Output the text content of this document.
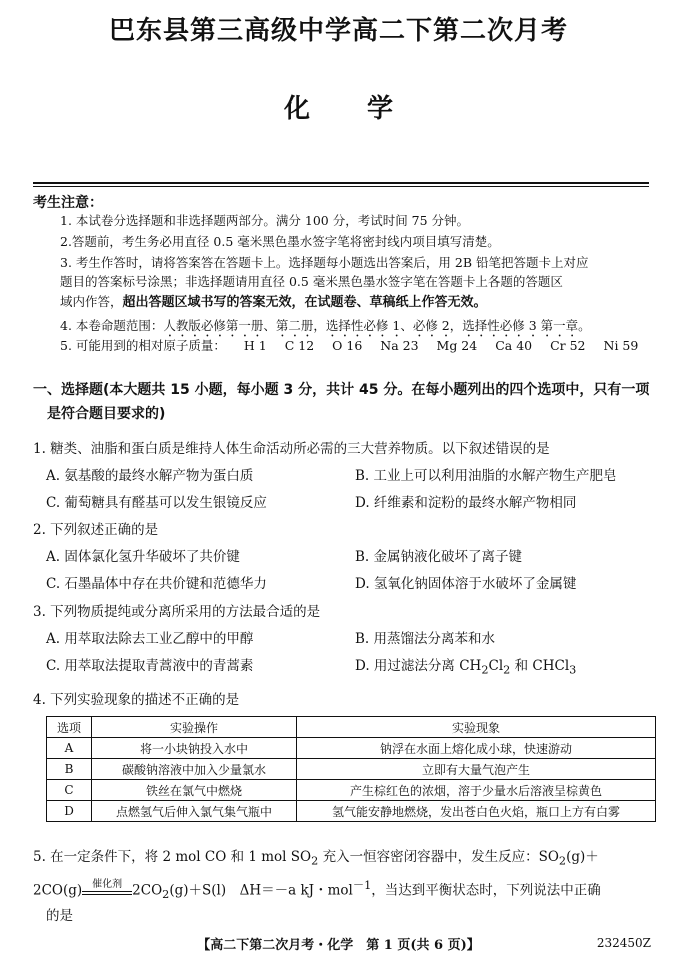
巴东县第三高级中学高二下第二次月考
化 学
考生注意：
1. 本试卷分选择题和非选择题两部分。满分 100 分，考试时间 75 分钟。
2.答题前，考生务必用直径 0.5 毫米黑色墨水签字笔将密封线内项目填写清楚。
3. 考生作答时，请将答案答在答题卡上。选择题每小题选出答案后，用 2B 铅笔把答题卡上对应
题目的答案标号涂黑；非选择题请用直径 0.5 毫米黑色墨水签字笔在答题卡上各题的答题区
域内作答，超出答题区域书写的答案无效，在试题卷、草稿纸上作答无效。
4. 本卷命题范围：人教版必修第一册、第二册，选择性必修 1、必修 2，选择性必修 3 第一章。
5. 可能用到的相对原子质量： H 1 C 12 O 16 Na 23 Mg 24 Ca 40 Cr 52 Ni 59
一、选择题(本大题共 15 小题，每小题 3 分，共计 45 分。在每小题列出的四个选项中，只有一项
是符合题目要求的)
1. 糖类、油脂和蛋白质是维持人体生命活动所必需的三大营养物质。以下叙述错误的是
A. 氨基酸的最终水解产物为蛋白质	B. 工业上可以利用油脂的水解产物生产肥皂
C. 葡萄糖具有醛基可以发生银镜反应	D. 纤维素和淀粉的最终水解产物相同
2. 下列叙述正确的是
A. 固体氯化氢升华破坏了共价键	B. 金属钠液化破坏了离子键
C. 石墨晶体中存在共价键和范德华力	D. 氢氧化钠固体溶于水破坏了金属键
3. 下列物质提纯或分离所采用的方法最合适的是
A. 用萃取法除去工业乙醇中的甲醇	B. 用蒸馏法分离苯和水
C. 用萃取法提取青蒿液中的青蒿素	D. 用过滤法分离 $CH_2Cl_2$ 和 CHCl$_3$
4. 下列实验现象的描述不正确的是
选项	实验操作	实验现象
A	将一小块钠投入水中	钠浮在水面上熔化成小球，快速游动
B	碳酸钠溶液中加入少量氯水	立即有大量气泡产生
C	铁丝在氯气中燃烧	产生棕红色的浓烟，溶于少量水后溶液呈棕黄色
D	点燃氢气后伸入氯气集气瓶中	氢气能安静地燃烧，发出苍白色火焰，瓶口上方有白雾
5. 在一定条件下，将 2 mol CO 和 1 mol $SO_2$ 充入一恒容密闭容器中，发生反应：$SO_2(g)+$
2CO(g)	催化剂 $2CO_2(g)+S(l)$　ΔH＝－a kJ・mol$^{-1}$，当达到平衡状态时，下列说法中正确
的是
【高二下第二次月考・化学　第 1 页(共 6 页)】	232450Z
